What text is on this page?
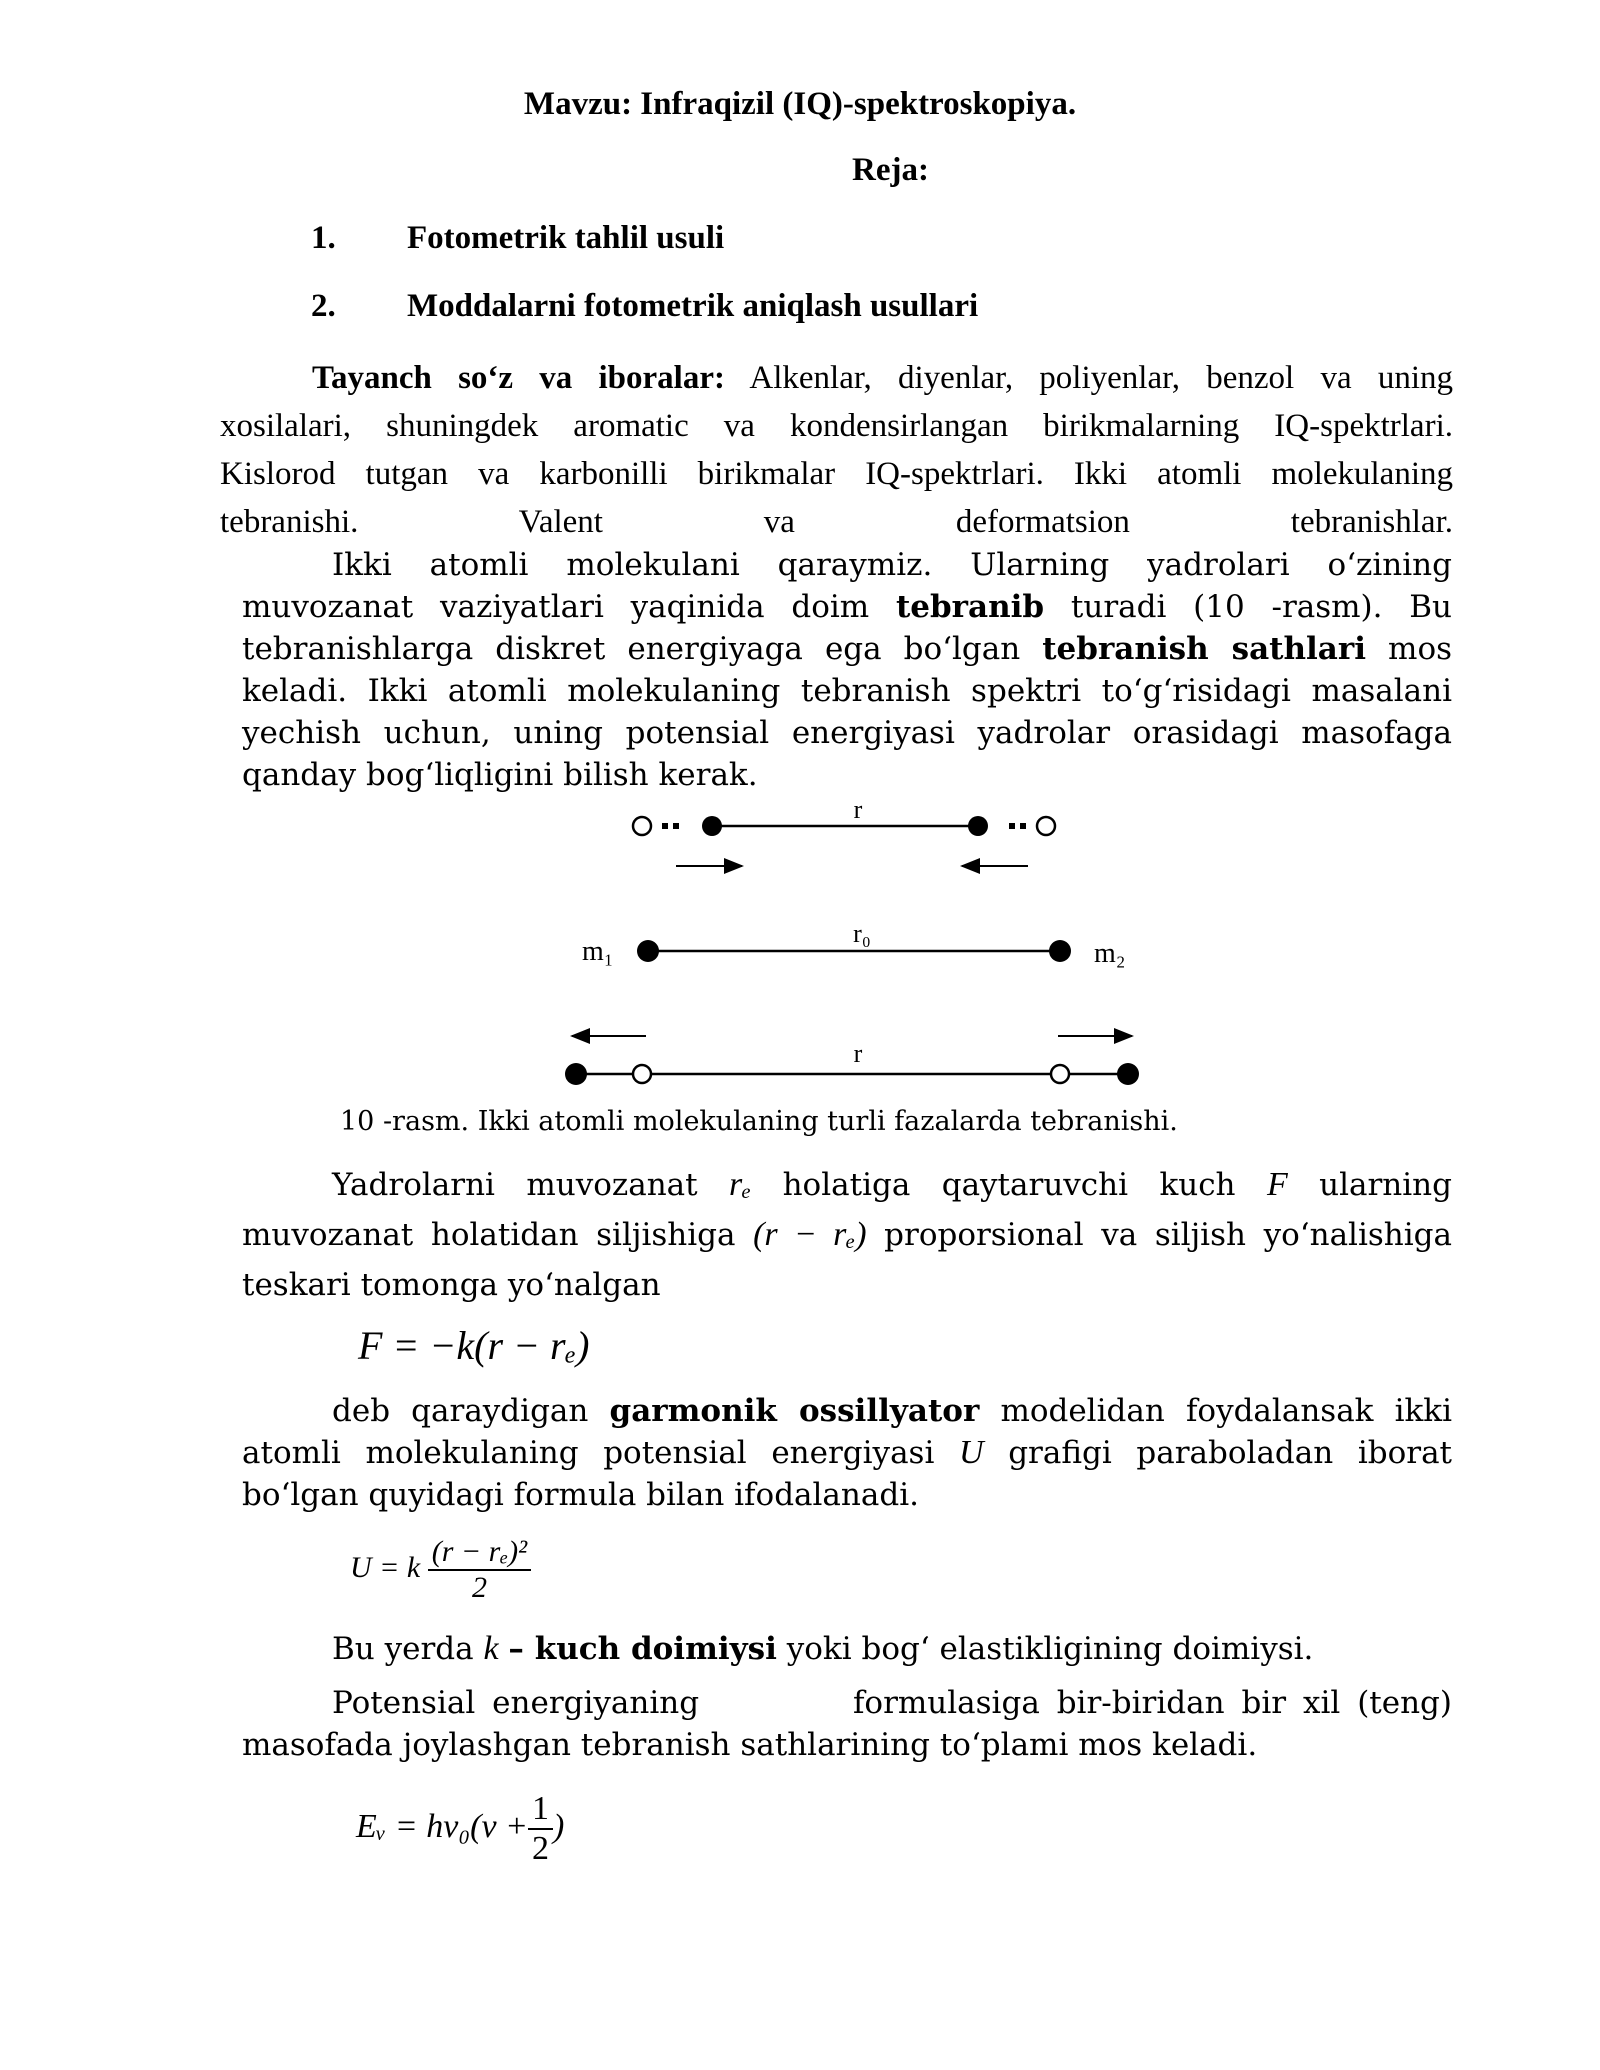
Mavzu: Infraqizil (IQ)-spektroskopiya.
Reja:
1. Fotometrik tahlil usuli
2. Moddalarni fotometrik aniqlash usullari

Tayanch so‘z va iboralar: Alkenlar, diyenlar, poliyenlar, benzol va uning

xosilalari, shuningdek aromatic va kondensirlangan birikmalarning IQ-spektrlari.

Kislorod tutgan va karbonilli birikmalar IQ-spektrlari. Ikki atomli molekulaning

tebranishi. Valent va deformatsion tebranishlar.

Ikki atomli molekulani qaraymiz. Ularning yadrolari o‘zining muvozanat vaziyatlari yaqinida doim tebranib turadi (10 -rasm). Bu tebranishlarga diskret energiyaga ega bo‘lgan tebranish sathlari mos keladi. Ikki atomli molekulaning tebranish spektri to‘g‘risidagi masalani yechish uchun, uning potensial energiyasi yadrolar orasidagi masofaga qanday bog‘liqligini bilish kerak.

r
m₁	m₂
r₀
r
10 -rasm. Ikki atomli molekulaning turli fazalarda tebranishi.

Yadrolarni muvozanat rₑ holatiga qaytaruvchi kuch F ularning muvozanat holatidan siljishiga (r − rₑ) proporsional va siljish yo‘nalishiga teskari tomonga yo‘nalgan

F = −k(r − rₑ)

deb qaraydigan garmonik ossillyator modelidan foydalansak ikki atomli molekulaning potensial energiyasi U grafigi paraboladan iborat bo‘lgan quyidagi formula bilan ifodalanadi.

U = k $\frac{\text{(r − rₑ)²}}{2}$

Bu yerda k – kuch doimiysi yoki bog‘ elastikligining doimiysi.

Potensial energiyaning	formulasiga bir-biridan bir xil (teng) masofada joylashgan tebranish sathlarining to‘plami mos keladi.

Eᵥ = $h\nu_0(v + \frac{1}{2}$ )
